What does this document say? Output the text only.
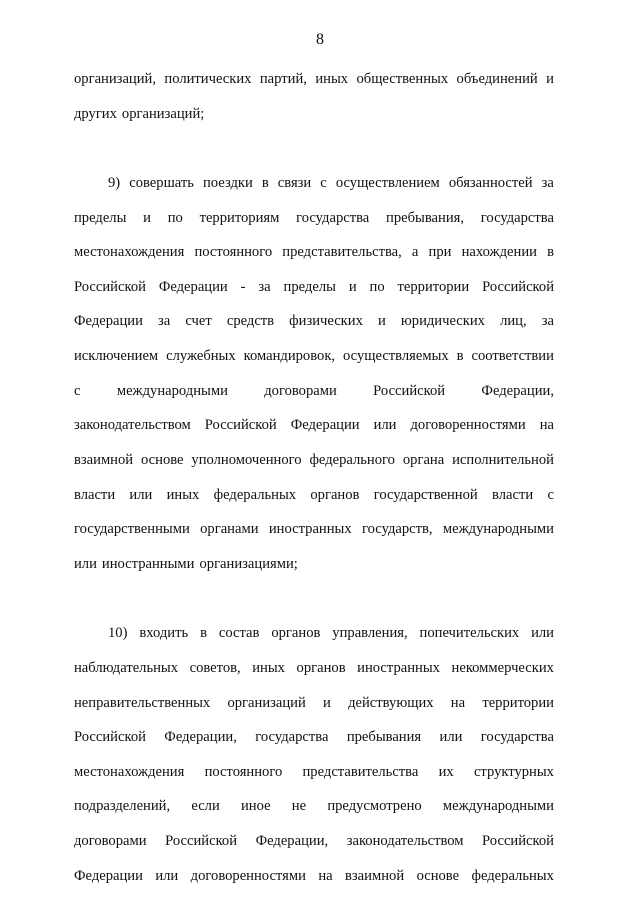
8
организаций, политических партий, иных общественных объединений и
других организаций;
9) совершать поездки в связи с осуществлением обязанностей за
пределы и по территориям государства пребывания, государства
местонахождения постоянного представительства, а при нахождении в
Российской Федерации - за пределы и по территории Российской
Федерации за счет средств физических и юридических лиц, за
исключением служебных командировок, осуществляемых в соответствии
с международными договорами Российской Федерации,
законодательством Российской Федерации или договоренностями на
взаимной основе уполномоченного федерального органа исполнительной
власти или иных федеральных органов государственной власти с
государственными органами иностранных государств, международными
или иностранными организациями;
10) входить в состав органов управления, попечительских или
наблюдательных советов, иных органов иностранных некоммерческих
неправительственных организаций и действующих на территории
Российской Федерации, государства пребывания или государства
местонахождения постоянного представительства их структурных
подразделений, если иное не предусмотрено международными
договорами Российской Федерации, законодательством Российской
Федерации или договоренностями на взаимной основе федеральных
